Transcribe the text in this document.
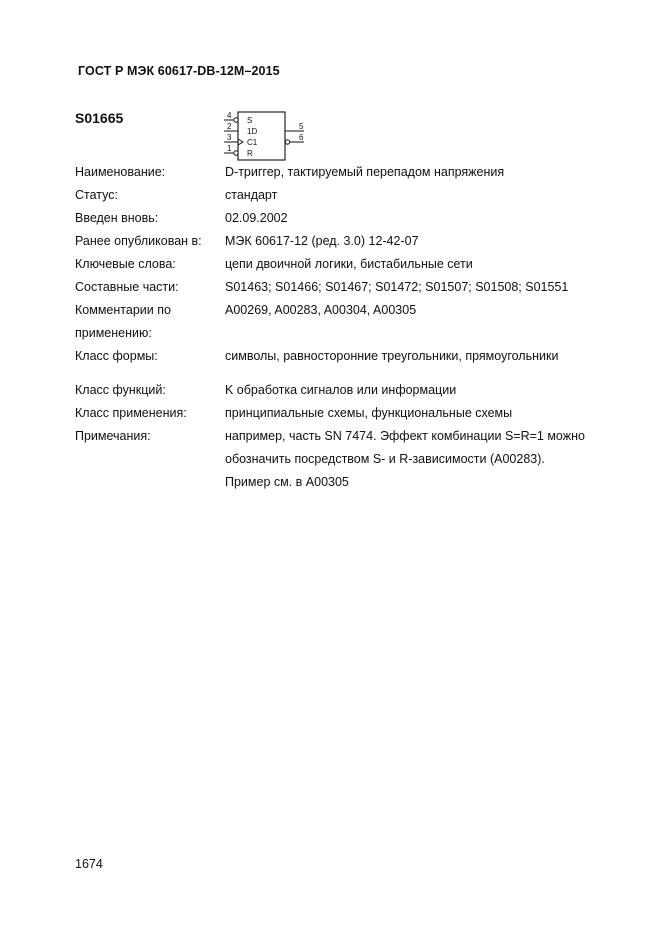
ГОСТ Р МЭК 60617-DB-12M–2015
S01665	4
2
3
1
5
6
S
1D
C1
R
Наименование:	D-триггер, тактируемый перепадом напряжения
Статус:	стандарт
Введен вновь:	02.09.2002
Ранее опубликован в:	МЭК 60617-12 (ред. 3.0) 12-42-07
Ключевые слова:	цепи двоичной логики, бистабильные сети
Составные части:	S01463; S01466; S01467; S01472; S01507; S01508; S01551
Комментарии по	A00269, A00283, A00304, A00305
применению:
Класс формы:	символы, равносторонние треугольники, прямоугольники
Класс функций:	K обработка сигналов или информации
Класс применения:	принципиальные схемы, функциональные схемы
Примечания:	например, часть SN 7474. Эффект комбинации S=R=1 можно
обозначить посредством S- и R-зависимости (A00283).
Пример см. в A00305
1674
